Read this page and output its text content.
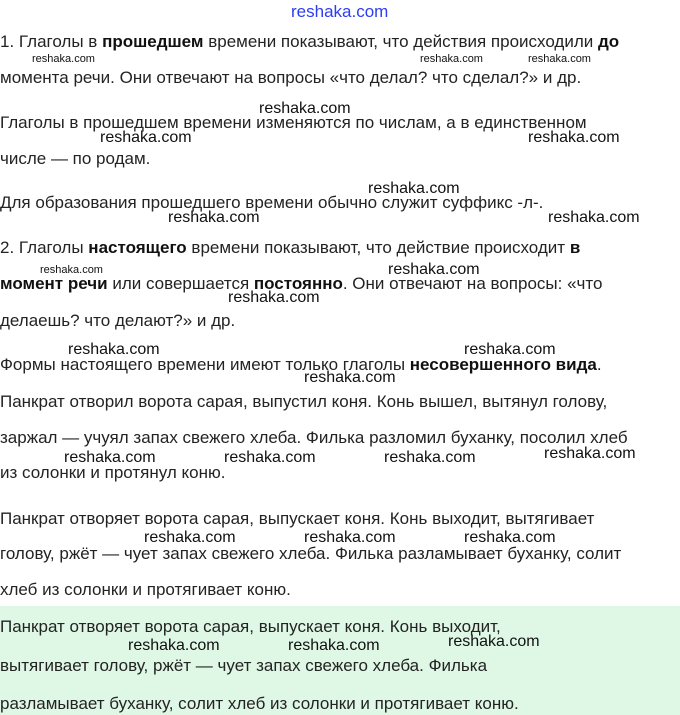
reshaka.com
reshaka.com	reshaka.com	reshaka.com
reshaka.com
reshaka.com	reshaka.com
reshaka.com
reshaka.com	reshaka.com
reshaka.com	reshaka.com
reshaka.com
reshaka.com	reshaka.com
reshaka.com
reshaka.com	reshaka.com	reshaka.com	reshaka.com
reshaka.com	reshaka.com	reshaka.com
reshaka.com	reshaka.com	reshaka.com
1. Глаголы в прошедшем времени показывают, что действия происходили до
момента речи. Они отвечают на вопросы «что делал? что сделал?» и др.
Глаголы в прошедшем времени изменяются по числам, а в единственном
числе — по родам.
Для образования прошедшего времени обычно служит суффикс -л-.
2. Глаголы настоящего времени показывают, что действие происходит в
момент речи или совершается постоянно. Они отвечают на вопросы: «что
делаешь? что делают?» и др.
Формы настоящего времени имеют только глаголы несовершенного вида.
Панкрат отворил ворота сарая, выпустил коня. Конь вышел, вытянул голову,
заржал — учуял запах свежего хлеба. Филька разломил буханку, посолил хлеб
из солонки и протянул коню.
Панкрат отворяет ворота сарая, выпускает коня. Конь выходит, вытягивает
голову, ржёт — чует запах свежего хлеба. Филька разламывает буханку, солит
хлеб из солонки и протягивает коню.
Панкрат отворяет ворота сарая, выпускает коня. Конь выходит,
вытягивает голову, ржёт — чует запах свежего хлеба. Филька
разламывает буханку, солит хлеб из солонки и протягивает коню.
